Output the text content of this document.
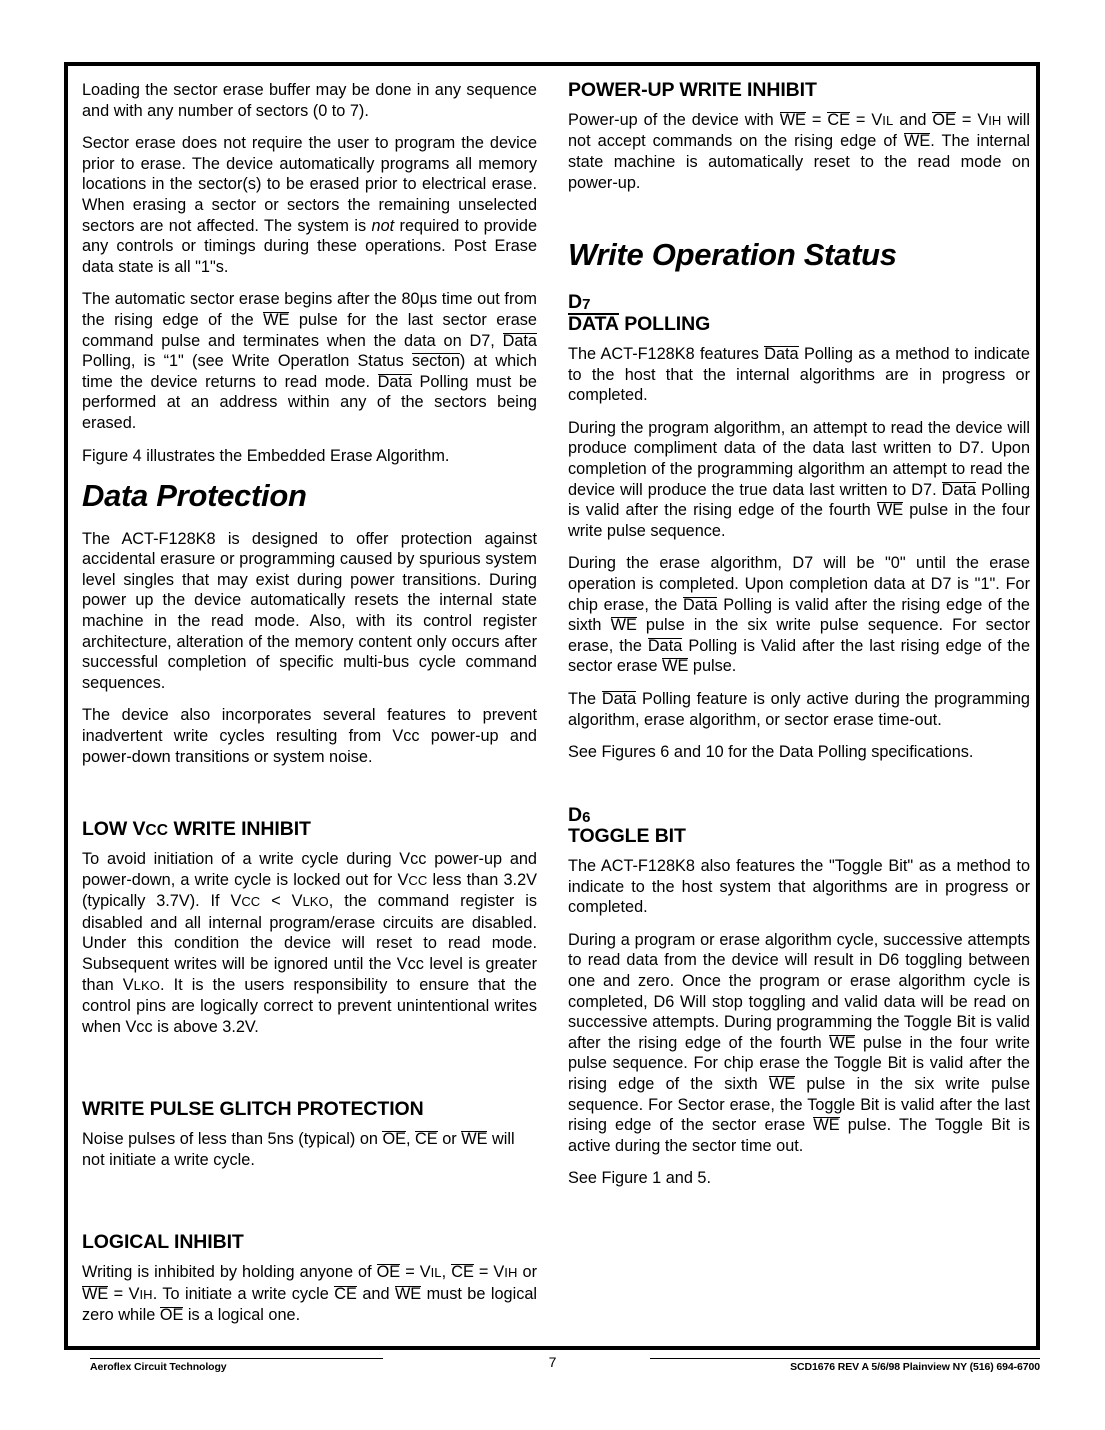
Loading the sector erase buffer may be done in any sequence and with any number of sectors (0 to 7).

Sector erase does not require the user to program the device prior to erase. The device automatically programs all memory locations in the sector(s) to be erased prior to electrical erase. When erasing a sector or sectors the remaining unselected sectors are not affected. The system is not required to provide any controls or timings during these operations. Post Erase data state is all "1"s.

The automatic sector erase begins after the 80µs time out from the rising edge of the WE pulse for the last sector erase command pulse and terminates when the data on D7, Data Polling, is “1" (see Write Operatlon Status secton) at which time the device returns to read mode. Data Polling must be performed at an address within any of the sectors being erased.

Figure 4 illustrates the Embedded Erase Algorithm.

Data Protection

The ACT-F128K8 is designed to offer protection against accidental erasure or programming caused by spurious system level singles that may exist during power transitions. During power up the device automatically resets the internal state machine in the read mode. Also, with its control register architecture, alteration of the memory content only occurs after successful completion of specific multi-bus cycle command sequences.

The device also incorporates several features to prevent inadvertent write cycles resulting from Vcc power-up and power-down transitions or system noise.

LOW VCC WRITE INHIBIT

To avoid initiation of a write cycle during Vcc power-up and power-down, a write cycle is locked out for VCC less than 3.2V (typically 3.7V). If VCC < VLKO, the command register is disabled and all internal program/erase circuits are disabled. Under this condition the device will reset to read mode. Subsequent writes will be ignored until the Vcc level is greater than VLKO. It is the users responsibility to ensure that the control pins are logically correct to prevent unintentional writes when Vcc is above 3.2V.

WRITE PULSE GLITCH PROTECTION

Noise pulses of less than 5ns (typical) on OE, CE or WE will not initiate a write cycle.

LOGICAL INHIBIT

Writing is inhibited by holding anyone of OE = VIL, CE = VIH or WE = VIH. To initiate a write cycle CE and WE must be logical zero while OE is a logical one.

POWER-UP WRITE INHIBIT

Power-up of the device with WE = CE = VIL and OE = VIH will not accept commands on the rising edge of WE. The internal state machine is automatically reset to the read mode on power-up.

Write Operation Status
D7
DATA POLLING

The ACT-F128K8 features Data Polling as a method to indicate to the host that the internal algorithms are in progress or completed.

During the program algorithm, an attempt to read the device will produce compliment data of the data last written to D7. Upon completion of the programming algorithm an attempt to read the device will produce the true data last written to D7. Data Polling is valid after the rising edge of the fourth WE pulse in the four write pulse sequence.

During the erase algorithm, D7 will be "0" until the erase operation is completed. Upon completion data at D7 is "1". For chip erase, the Data Polling is valid after the rising edge of the sixth WE pulse in the six write pulse sequence. For sector erase, the Data Polling is Valid after the last rising edge of the sector erase WE pulse.

The Data Polling feature is only active during the programming algorithm, erase algorithm, or sector erase time-out.

See Figures 6 and 10 for the Data Polling specifications.

D6
TOGGLE BIT

The ACT-F128K8 also features the "Toggle Bit" as a method to indicate to the host system that algorithms are in progress or completed.

During a program or erase algorithm cycle, successive attempts to read data from the device will result in D6 toggling between one and zero. Once the program or erase algorithm cycle is completed, D6 Will stop toggling and valid data will be read on successive attempts. During programming the Toggle Bit is valid after the rising edge of the fourth WE pulse in the four write pulse sequence. For chip erase the Toggle Bit is valid after the rising edge of the sixth WE pulse in the six write pulse sequence. For Sector erase, the Toggle Bit is valid after the last rising edge of the sector erase WE pulse. The Toggle Bit is active during the sector time out.

See Figure 1 and 5.

Aeroflex Circuit Technology	7	SCD1676 REV A 5/6/98 Plainview NY (516) 694-6700
